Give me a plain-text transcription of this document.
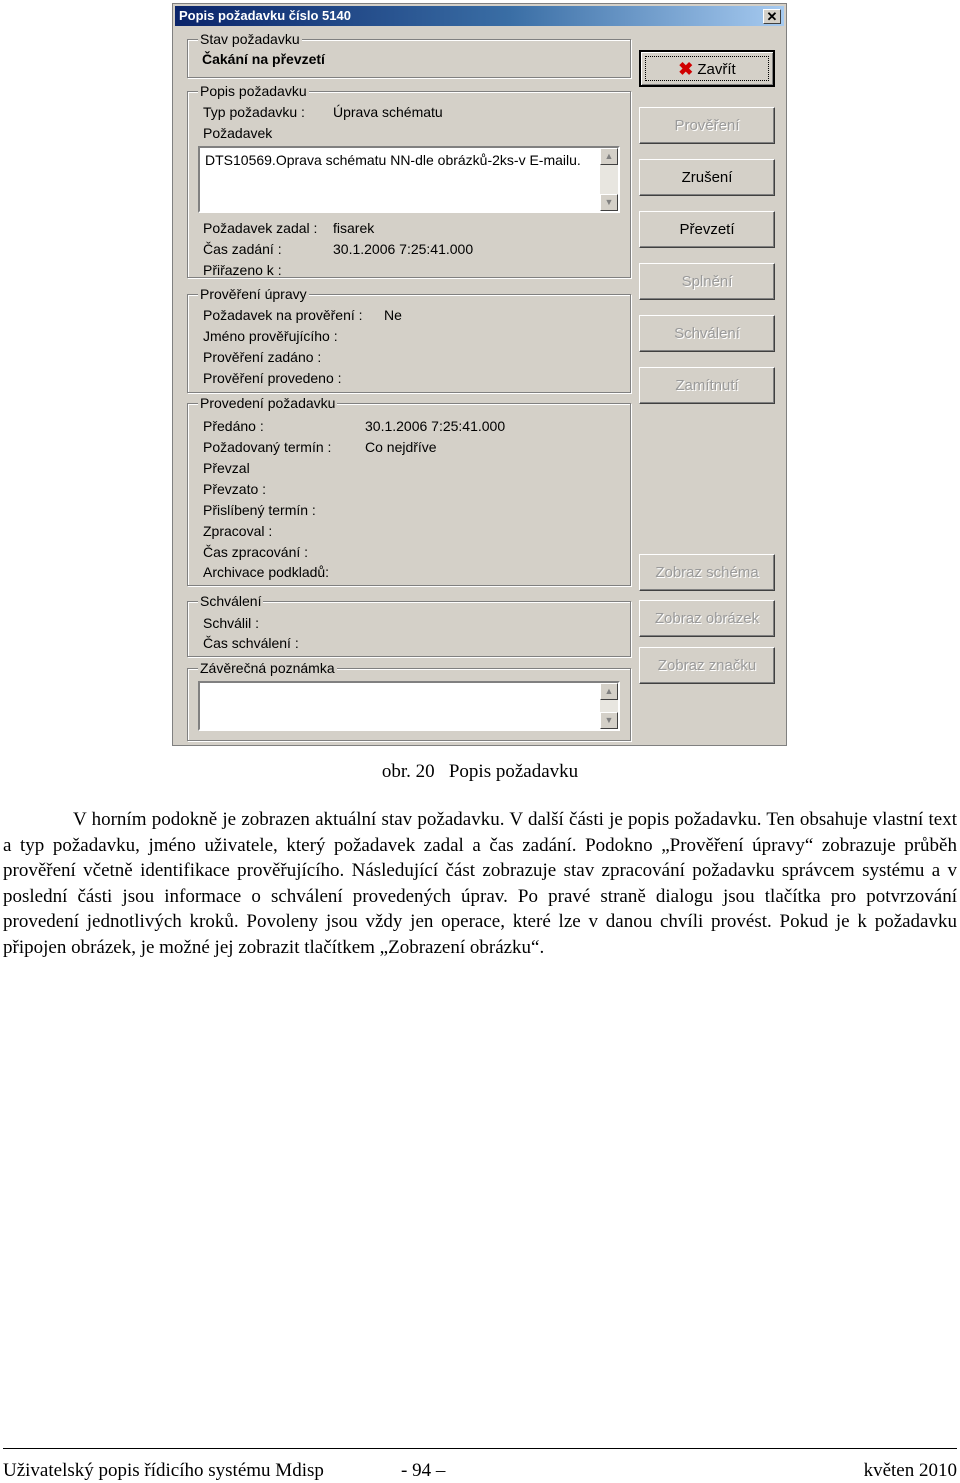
Popis požadavku číslo 5140	✕
Stav požadavku
Čakání na převzetí
Popis požadavku
Typ požadavku : Úprava schématu
Požadavek
DTS10569.Oprava schématu NN-dle obrázků-2ks-v E-mailu.	▲
▼
Požadavek zadal : fisarek
Čas zadání :	30.1.2006 7:25:41.000
Přiřazeno k :
Prověření úpravy
Požadavek na prověření : Ne
Jméno prověřujícího :
Prověření zadáno :
Prověření provedeno :
Provedení požadavku
Předáno :	30.1.2006 7:25:41.000
Požadovaný termín : Co nejdříve
Převzal
Převzato :
Přislíbený termín :
Zpracoval :
Čas zpracování :
Archivace podkladů:
Schválení
Schválil :
Čas schválení :
Závěrečná poznámka
▲
▼
✖ Zavřít
Prověření
Zrušení
Převzetí
Splnění
Schválení
Zamítnutí
Zobraz schéma
Zobraz obrázek
Zobraz značku
obr. 20   Popis požadavku

V horním podokně je zobrazen aktuální stav požadavku. V další části je popis požadavku. Ten obsahuje vlastní text a typ požadavku, jméno uživatele, který požadavek zadal a čas zadání. Podokno „Prověření úpravy“ zobrazuje průběh prověření včetně identifikace prověřujícího. Následující část zobrazuje stav zpracování požadavku správcem systému a v poslední části jsou informace o schválení provedených úprav. Po pravé straně dialogu jsou tlačítka pro potvrzování provedení jednotlivých kroků. Povoleny jsou vždy jen operace, které lze v danou chvíli provést. Pokud je k požadavku připojen obrázek, je možné jej zobrazit tlačítkem „Zobrazení obrázku“.

Uživatelský popis řídicího systému Mdisp	- 94 –	květen 2010
